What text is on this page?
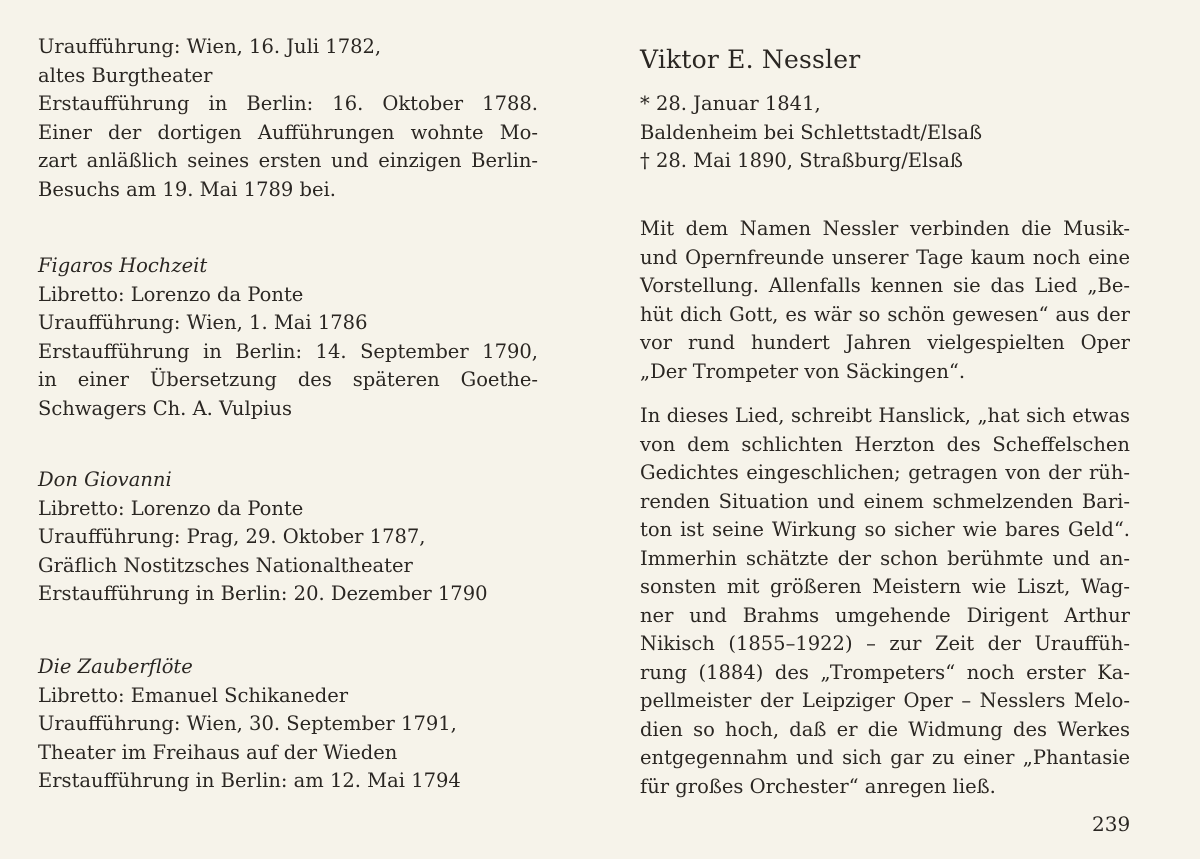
Uraufführung: Wien, 16. Juli 1782,
altes Burgtheater
Erstaufführung in Berlin: 16. Oktober 1788.
Einer der dortigen Aufführungen wohnte Mo-
zart anläßlich seines ersten und einzigen Berlin-
Besuchs am 19. Mai 1789 bei.
Figaros Hochzeit
Libretto: Lorenzo da Ponte
Uraufführung: Wien, 1. Mai 1786
Erstaufführung in Berlin: 14. September 1790,
in einer Übersetzung des späteren Goethe-
Schwagers Ch. A. Vulpius
Don Giovanni
Libretto: Lorenzo da Ponte
Uraufführung: Prag, 29. Oktober 1787,
Gräflich Nostitzsches Nationaltheater
Erstaufführung in Berlin: 20. Dezember 1790
Die Zauberflöte
Libretto: Emanuel Schikaneder
Uraufführung: Wien, 30. September 1791,
Theater im Freihaus auf der Wieden
Erstaufführung in Berlin: am 12. Mai 1794
Viktor E. Nessler
* 28. Januar 1841,
Baldenheim bei Schlettstadt/Elsaß
† 28. Mai 1890, Straßburg/Elsaß
Mit dem Namen Nessler verbinden die Musik-
und Opernfreunde unserer Tage kaum noch eine
Vorstellung. Allenfalls kennen sie das Lied „Be-
hüt dich Gott, es wär so schön gewesen“ aus der
vor rund hundert Jahren vielgespielten Oper
„Der Trompeter von Säckingen“.
In dieses Lied, schreibt Hanslick, „hat sich etwas
von dem schlichten Herzton des Scheffelschen
Gedichtes eingeschlichen; getragen von der rüh-
renden Situation und einem schmelzenden Bari-
ton ist seine Wirkung so sicher wie bares Geld“.
Immerhin schätzte der schon berühmte und an-
sonsten mit größeren Meistern wie Liszt, Wag-
ner und Brahms umgehende Dirigent Arthur
Nikisch (1855–1922) – zur Zeit der Urauffüh-
rung (1884) des „Trompeters“ noch erster Ka-
pellmeister der Leipziger Oper – Nesslers Melo-
dien so hoch, daß er die Widmung des Werkes
entgegennahm und sich gar zu einer „Phantasie
für großes Orchester“ anregen ließ.
239
